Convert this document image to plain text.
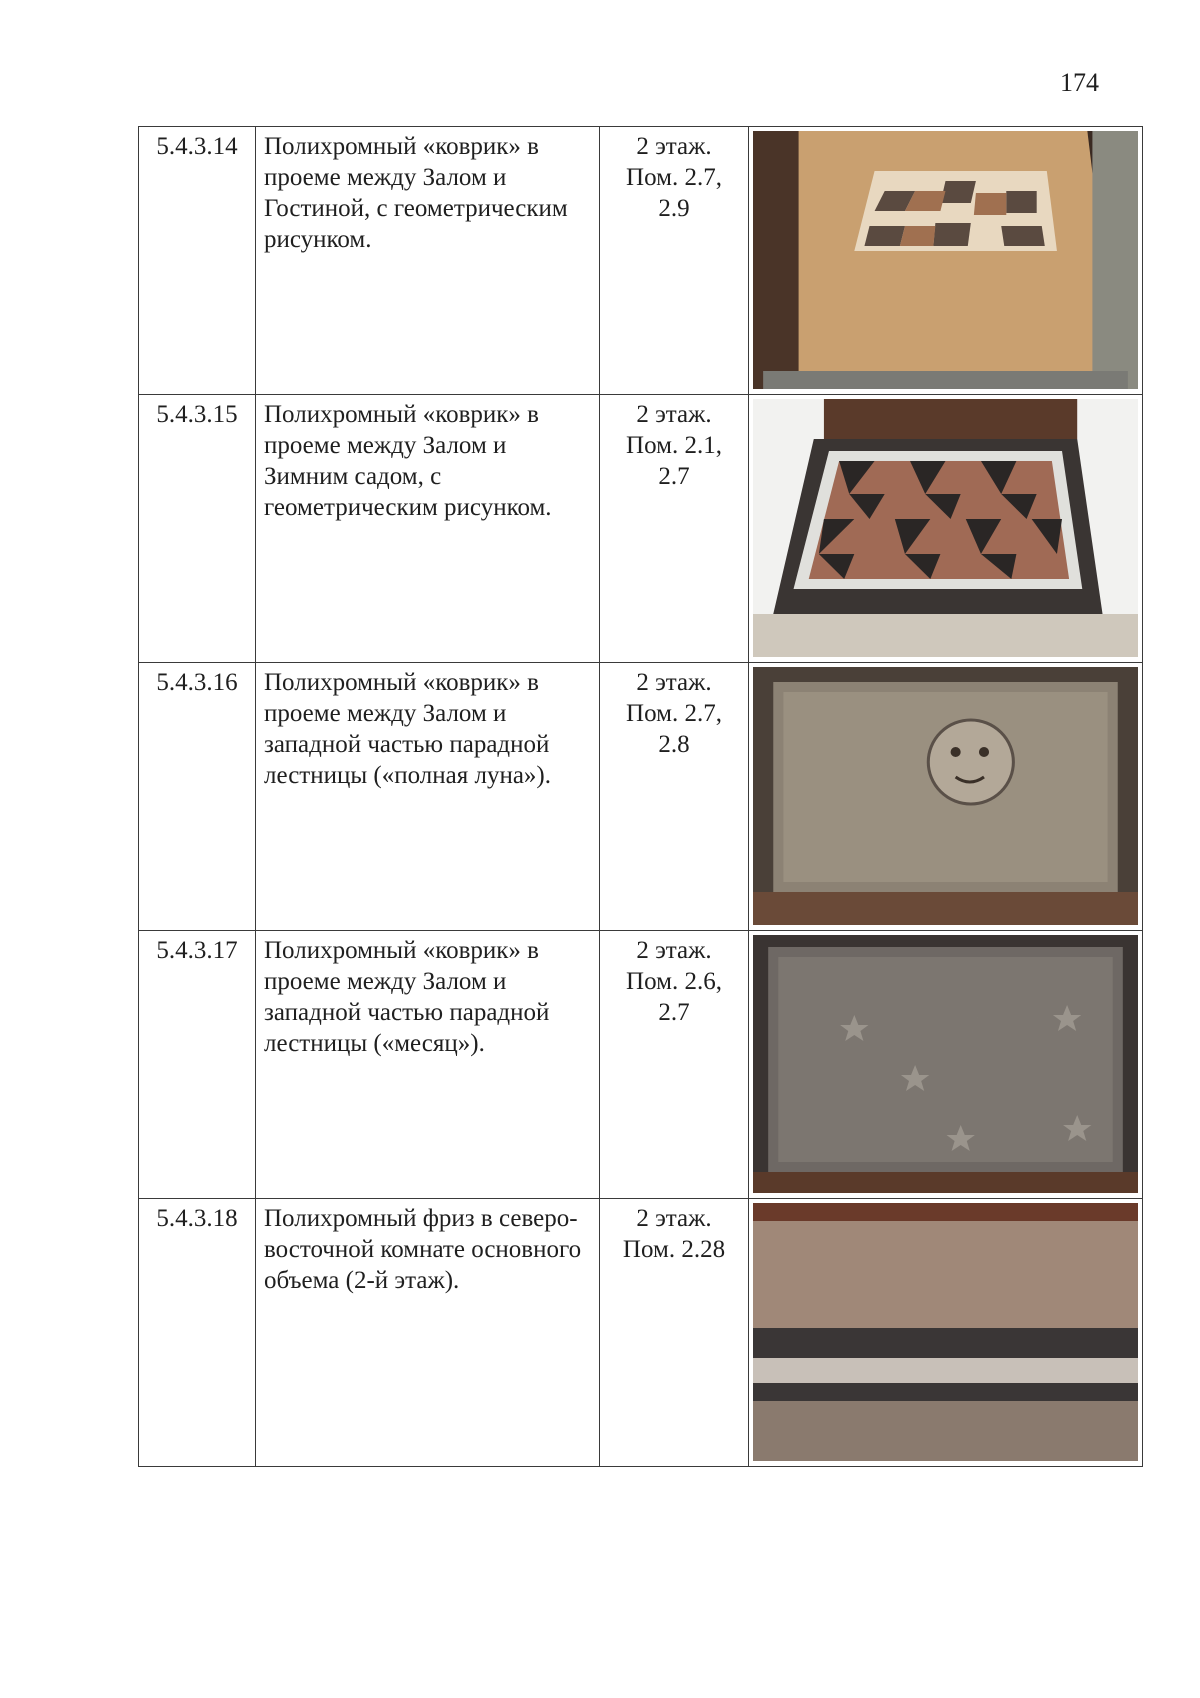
174
5.4.3.14	Полихромный «коврик» в проеме между Залом и Гостиной, с геометрическим рисунком.	2 этаж.
Пом. 2.7,
2.9

5.4.3.15	Полихромный «коврик» в проеме между Залом и Зимним садом, с геометрическим рисунком.	2 этаж.
Пом. 2.1,
2.7

5.4.3.16	Полихромный «коврик» в проеме между Залом и западной частью парадной лестницы («полная луна»).	2 этаж.
Пом. 2.7,
2.8

5.4.3.17	Полихромный «коврик» в проеме между Залом и западной частью парадной лестницы («месяц»).	2 этаж.
Пом. 2.6,
2.7

5.4.3.18	Полихромный фриз в северо-восточной комнате основного объема (2-й этаж).	2 этаж.
Пом. 2.28
